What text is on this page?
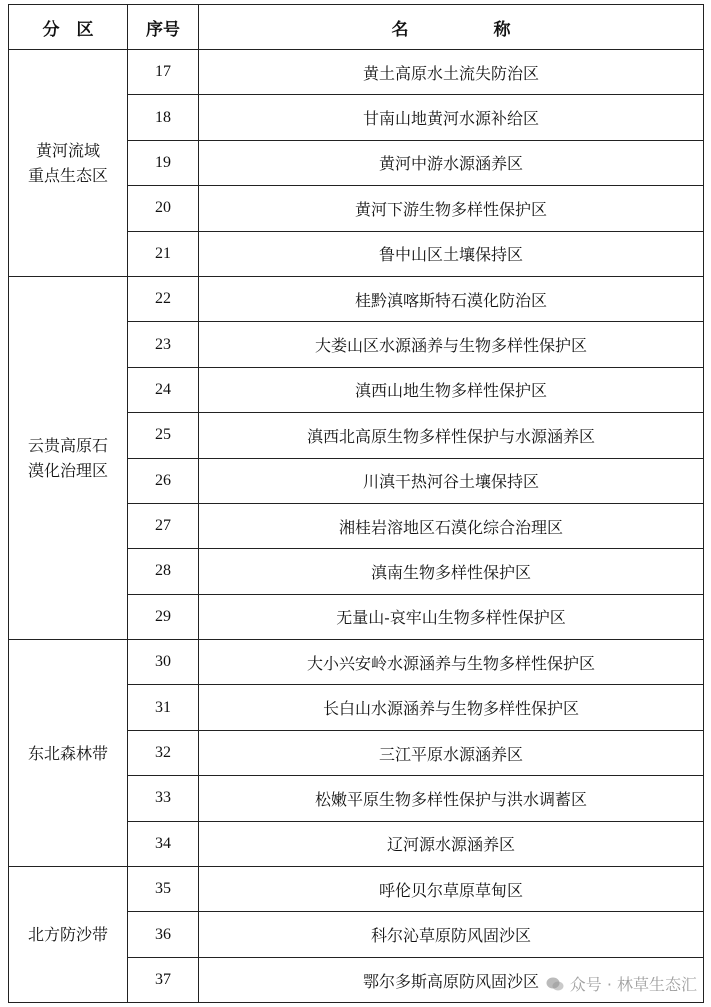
分　区	序号	名　　　　　称

黄河流域
重点生态区	17	黄土高原水土流失防治区
	18	甘南山地黄河水源补给区
	19	黄河中游水源涵养区
	20	黄河下游生物多样性保护区
	21	鲁中山区土壤保持区

云贵高原石
漠化治理区	22	桂黔滇喀斯特石漠化防治区
	23	大娄山区水源涵养与生物多样性保护区
	24	滇西山地生物多样性保护区
	25	滇西北高原生物多样性保护与水源涵养区
	26	川滇干热河谷土壤保持区
	27	湘桂岩溶地区石漠化综合治理区
	28	滇南生物多样性保护区
	29	无量山-哀牢山生物多样性保护区

东北森林带	30	大小兴安岭水源涵养与生物多样性保护区
	31	长白山水源涵养与生物多样性保护区
	32	三江平原水源涵养区
	33	松嫩平原生物多样性保护与洪水调蓄区
	34	辽河源水源涵养区

北方防沙带	35	呼伦贝尔草原草甸区
	36	科尔沁草原防风固沙区
	37	鄂尔多斯高原防风固沙区 众号 · 林草生态汇
